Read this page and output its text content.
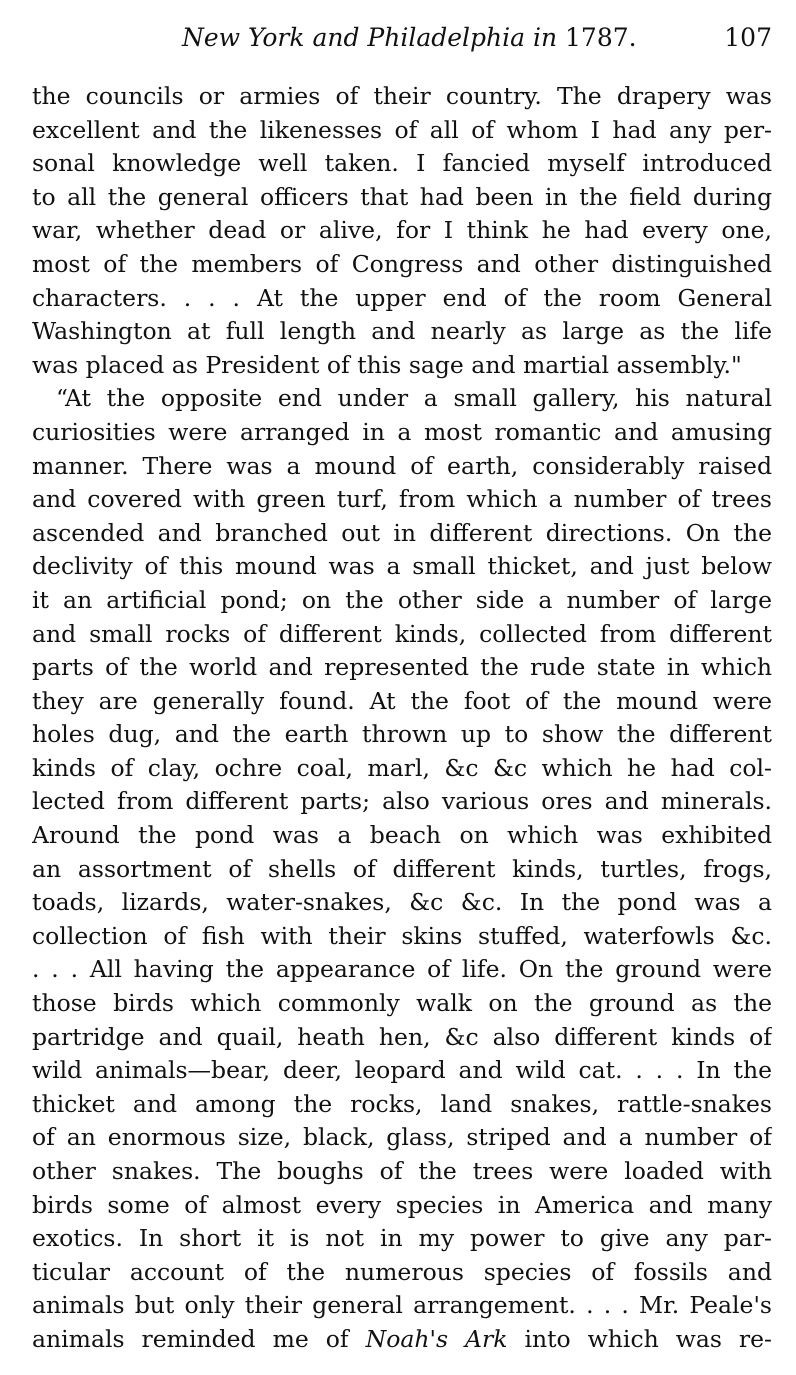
New York and Philadelphia in 1787.	107
the councils or armies of their country. The drapery was
excellent and the likenesses of all of whom I had any per-
sonal knowledge well taken. I fancied myself introduced
to all the general officers that had been in the field during
war, whether dead or alive, for I think he had every one,
most of the members of Congress and other distinguished
characters. . . . At the upper end of the room General
Washington at full length and nearly as large as the life
was placed as President of this sage and martial assembly."
“At the opposite end under a small gallery, his natural
curiosities were arranged in a most romantic and amusing
manner. There was a mound of earth, considerably raised
and covered with green turf, from which a number of trees
ascended and branched out in different directions. On the
declivity of this mound was a small thicket, and just below
it an artificial pond; on the other side a number of large
and small rocks of different kinds, collected from different
parts of the world and represented the rude state in which
they are generally found. At the foot of the mound were
holes dug, and the earth thrown up to show the different
kinds of clay, ochre coal, marl, &c &c which he had col-
lected from different parts; also various ores and minerals.
Around the pond was a beach on which was exhibited
an assortment of shells of different kinds, turtles, frogs,
toads, lizards, water-snakes, &c &c. In the pond was a
collection of fish with their skins stuffed, waterfowls &c.
. . . All having the appearance of life. On the ground were
those birds which commonly walk on the ground as the
partridge and quail, heath hen, &c also different kinds of
wild animals—bear, deer, leopard and wild cat. . . . In the
thicket and among the rocks, land snakes, rattle-snakes
of an enormous size, black, glass, striped and a number of
other snakes. The boughs of the trees were loaded with
birds some of almost every species in America and many
exotics. In short it is not in my power to give any par-
ticular account of the numerous species of fossils and
animals but only their general arrangement. . . . Mr. Peale's
animals reminded me of Noah's Ark into which was re-
